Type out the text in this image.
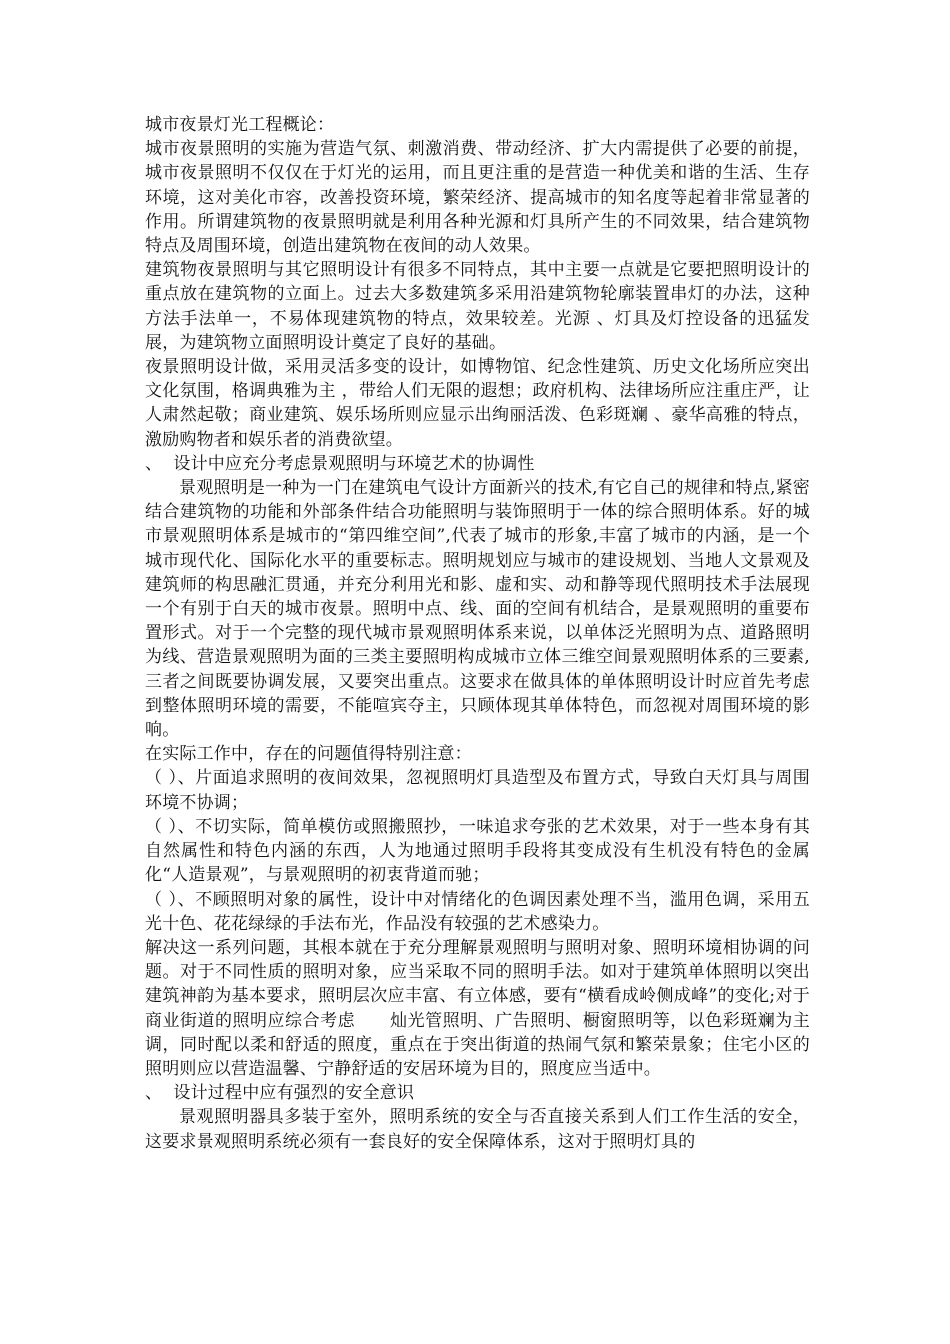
城市夜景灯光工程概论：

城市夜景照明的实施为营造气氛、刺激消费、带动经济、扩大内需提供了必要的前提，城市夜景照明不仅仅在于灯光的运用，而且更注重的是营造一种优美和谐的生活、生存环境，这对美化市容，改善投资环境，繁荣经济、提高城市的知名度等起着非常显著的作用。所谓建筑物的夜景照明就是利用各种光源和灯具所产生的不同效果，结合建筑物特点及周围环境，创造出建筑物在夜间的动人效果。

建筑物夜景照明与其它照明设计有很多不同特点，其中主要一点就是它要把照明设计的重点放在建筑物的立面上。过去大多数建筑多采用沿建筑物轮廓装置串灯的办法，这种方法手法单一，不易体现建筑物的特点，效果较差。光源 、灯具及灯控设备的迅猛发展，为建筑物立面照明设计奠定了良好的基础。

夜景照明设计做，采用灵活多变的设计，如博物馆、纪念性建筑、历史文化场所应突出文化氛围，格调典雅为主 ，带给人们无限的遐想；政府机构、法律场所应注重庄严，让人肃然起敬；商业建筑、娱乐场所则应显示出绚丽活泼、色彩斑斓 、豪华高雅的特点，激励购物者和娱乐者的消费欲望。

、  设计中应充分考虑景观照明与环境艺术的协调性

景观照明是一种为一门在建筑电气设计方面新兴的技术,有它自己的规律和特点,紧密结合建筑物的功能和外部条件结合功能照明与装饰照明于一体的综合照明体系。好的城市景观照明体系是城市的“第四维空间”,代表了城市的形象,丰富了城市的内涵，是一个城市现代化、国际化水平的重要标志。照明规划应与城市的建设规划、当地人文景观及建筑师的构思融汇贯通，并充分利用光和影、虚和实、动和静等现代照明技术手法展现一个有别于白天的城市夜景。照明中点、线、面的空间有机结合，是景观照明的重要布置形式。对于一个完整的现代城市景观照明体系来说，以单体泛光照明为点、道路照明为线、营造景观照明为面的三类主要照明构成城市立体三维空间景观照明体系的三要素,三者之间既要协调发展，又要突出重点。这要求在做具体的单体照明设计时应首先考虑到整体照明环境的需要，不能喧宾夺主，只顾体现其单体特色，而忽视对周围环境的影响。

在实际工作中，存在的问题值得特别注意：

（ ）、片面追求照明的夜间效果，忽视照明灯具造型及布置方式，导致白天灯具与周围环境不协调；

（ ）、不切实际，简单模仿或照搬照抄，一味追求夸张的艺术效果，对于一些本身有其自然属性和特色内涵的东西，人为地通过照明手段将其变成没有生机没有特色的金属化“人造景观”，与景观照明的初衷背道而驰；

（ ）、不顾照明对象的属性，设计中对情绪化的色调因素处理不当，滥用色调，采用五光十色、花花绿绿的手法布光，作品没有较强的艺术感染力。

解决这一系列问题，其根本就在于充分理解景观照明与照明对象、照明环境相协调的问题。对于不同性质的照明对象，应当采取不同的照明手法。如对于建筑单体照明以突出建筑神韵为基本要求，照明层次应丰富、有立体感，要有“横看成岭侧成峰”的变化;对于商业街道的照明应综合考虑　　灿光管照明、广告照明、橱窗照明等，以色彩斑斓为主调，同时配以柔和舒适的照度，重点在于突出街道的热闹气氛和繁荣景象；住宅小区的照明则应以营造温馨、宁静舒适的安居环境为目的，照度应当适中。

、  设计过程中应有强烈的安全意识

景观照明器具多装于室外，照明系统的安全与否直接关系到人们工作生活的安全，这要求景观照明系统必须有一套良好的安全保障体系，这对于照明灯具的
